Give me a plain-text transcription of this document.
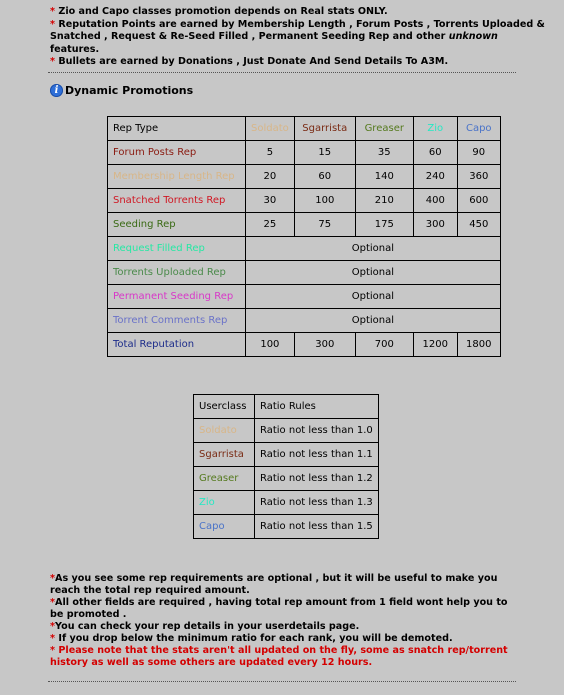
* Zio and Capo classes promotion depends on Real stats ONLY.
* Reputation Points are earned by Membership Length , Forum Posts , Torrents Uploaded & Snatched , Request & Re-Seed Filled , Permanent Seeding Rep and other unknown features.
* Bullets are earned by Donations , Just Donate And Send Details To A3M.
i Dynamic Promotions
Rep Type	Soldato	Sgarrista	Greaser	Zio	Capo
Forum Posts Rep	5	15	35	60	90
Membership Length Rep	20	60	140	240	360
Snatched Torrents Rep	30	100	210	400	600
Seeding Rep	25	75	175	300	450
Request Filled Rep	Optional				
Torrents Uploaded Rep	Optional				
Permanent Seeding Rep	Optional				
Torrent Comments Rep	Optional				
Total Reputation	100	300	700	1200	1800
Userclass	Ratio Rules
Soldato	Ratio not less than 1.0
Sgarrista	Ratio not less than 1.1
Greaser	Ratio not less than 1.2
Zio	Ratio not less than 1.3
Capo	Ratio not less than 1.5
*As you see some rep requirements are optional , but it will be useful to make you reach the total rep required amount.
*All other fields are required , having total rep amount from 1 field wont help you to be promoted .
*You can check your rep details in your userdetails page.
* If you drop below the minimum ratio for each rank, you will be demoted.
* Please note that the stats aren't all updated on the fly, some as snatch rep/torrent history as well as some others are updated every 12 hours.
